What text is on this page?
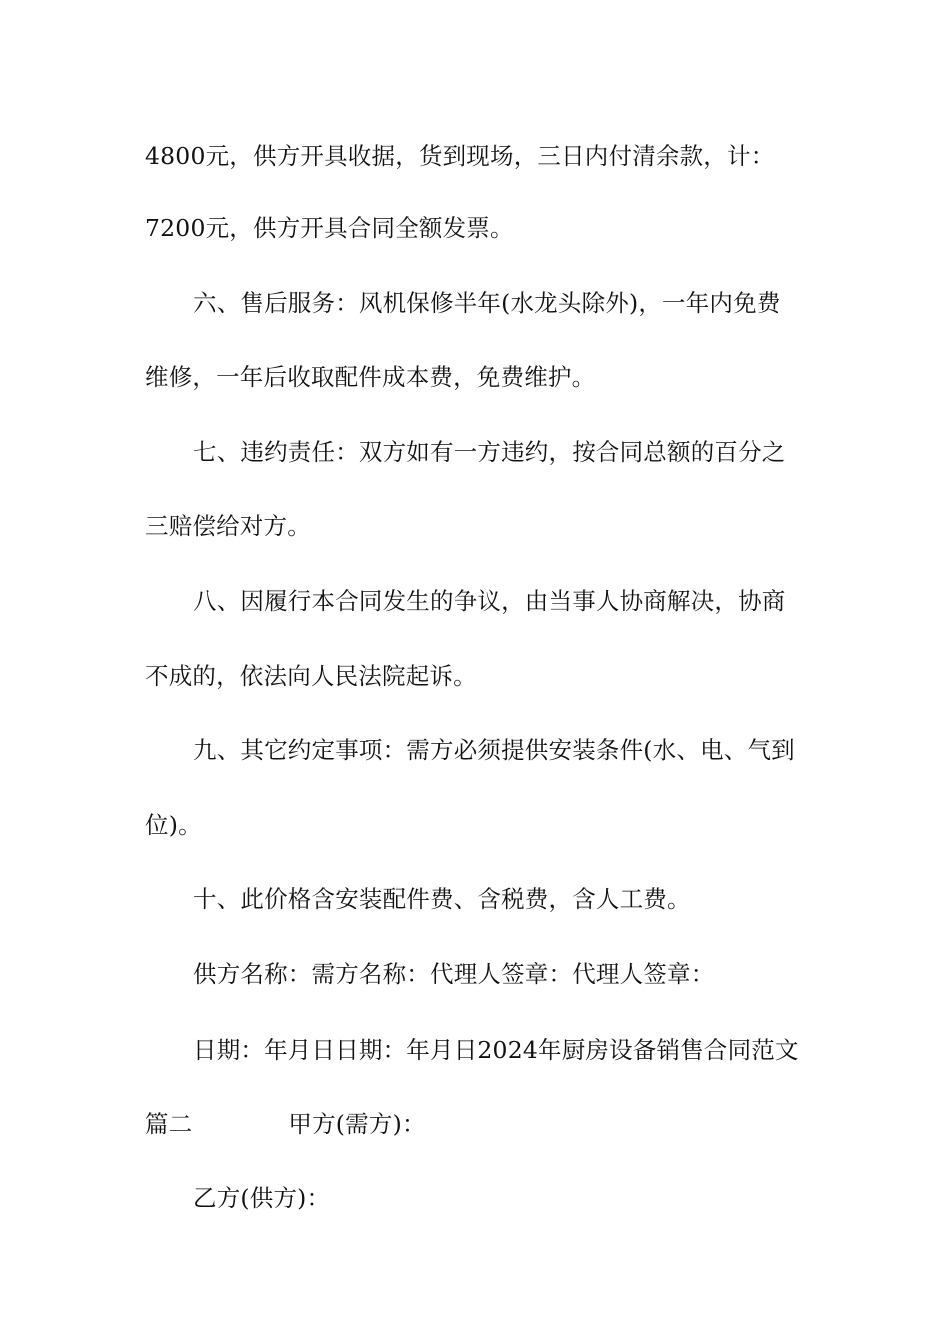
4800元，供方开具收据，货到现场，三日内付清余款，计：
7200元，供方开具合同全额发票。
六、售后服务：风机保修半年(水龙头除外)，一年内免费
维修，一年后收取配件成本费，免费维护。
七、违约责任：双方如有一方违约，按合同总额的百分之
三赔偿给对方。
八、因履行本合同发生的争议，由当事人协商解决，协商
不成的，依法向人民法院起诉。
九、其它约定事项：需方必须提供安装条件(水、电、气到
位)。
十、此价格含安装配件费、含税费，含人工费。
供方名称：需方名称：代理人签章：代理人签章：
日期：年月日日期：年月日2024年厨房设备销售合同范文
篇二	甲方(需方)：
乙方(供方)：
